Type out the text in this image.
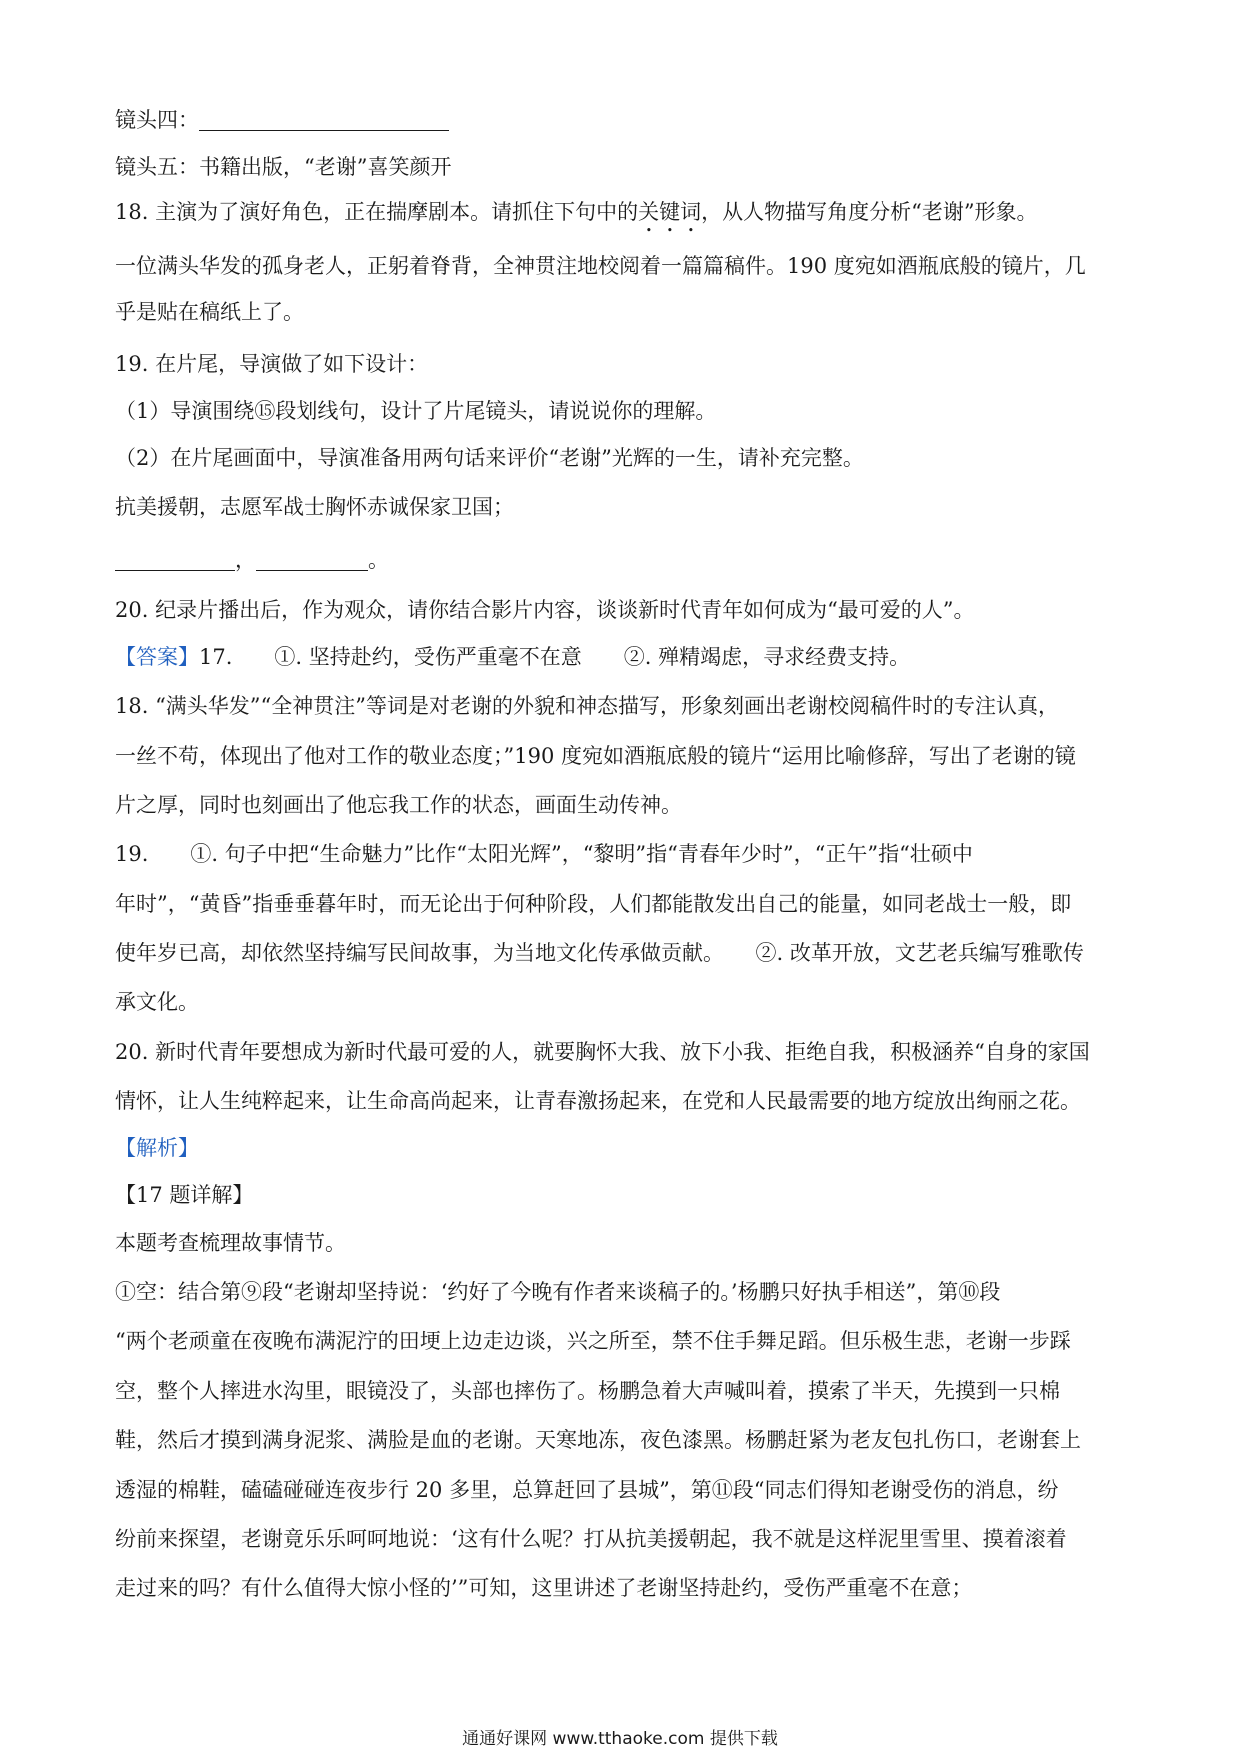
镜头四：
镜头五：书籍出版，“老谢”喜笑颜开
18. 主演为了演好角色，正在揣摩剧本。请抓住下句中的关键词，从人物描写角度分析“老谢”形象。
一位满头华发的孤身老人，正躬着脊背，全神贯注地校阅着一篇篇稿件。190 度宛如酒瓶底般的镜片，几
乎是贴在稿纸上了。
19. 在片尾，导演做了如下设计：
（1）导演围绕⑮段划线句，设计了片尾镜头，请说说你的理解。
（2）在片尾画面中，导演准备用两句话来评价“老谢”光辉的一生，请补充完整。
抗美援朝，志愿军战士胸怀赤诚保家卫国；
，	。
20. 纪录片播出后，作为观众，请你结合影片内容，谈谈新时代青年如何成为“最可爱的人”。
【答案】17.　　①. 坚持赴约，受伤严重毫不在意　　②. 殚精竭虑，寻求经费支持。
18. “满头华发”“全神贯注”等词是对老谢的外貌和神态描写，形象刻画出老谢校阅稿件时的专注认真，
一丝不苟，体现出了他对工作的敬业态度；”190 度宛如酒瓶底般的镜片“运用比喻修辞，写出了老谢的镜
片之厚，同时也刻画出了他忘我工作的状态，画面生动传神。
19.　　①. 句子中把“生命魅力”比作“太阳光辉”，“黎明”指“青春年少时”，“正午”指“壮硕中
年时”，“黄昏”指垂垂暮年时，而无论出于何种阶段，人们都能散发出自己的能量，如同老战士一般，即
使年岁已高，却依然坚持编写民间故事，为当地文化传承做贡献。　　②. 改革开放，文艺老兵编写雅歌传
承文化。
20. 新时代青年要想成为新时代最可爱的人，就要胸怀大我、放下小我、拒绝自我，积极涵养“自身的家国
情怀，让人生纯粹起来，让生命高尚起来，让青春激扬起来，在党和人民最需要的地方绽放出绚丽之花。
【解析】
【17 题详解】
本题考查梳理故事情节。
①空：结合第⑨段“老谢却坚持说：‘约好了今晚有作者来谈稿子的。’杨鹏只好执手相送”，第⑩段
“两个老顽童在夜晚布满泥泞的田埂上边走边谈，兴之所至，禁不住手舞足蹈。但乐极生悲，老谢一步踩
空，整个人摔进水沟里，眼镜没了，头部也摔伤了。杨鹏急着大声喊叫着，摸索了半天，先摸到一只棉
鞋，然后才摸到满身泥浆、满脸是血的老谢。天寒地冻，夜色漆黑。杨鹏赶紧为老友包扎伤口，老谢套上
透湿的棉鞋，磕磕碰碰连夜步行 20 多里，总算赶回了县城”，第⑪段“同志们得知老谢受伤的消息，纷
纷前来探望，老谢竟乐乐呵呵地说：‘这有什么呢？打从抗美援朝起，我不就是这样泥里雪里、摸着滚着
走过来的吗？有什么值得大惊小怪的’”可知，这里讲述了老谢坚持赴约，受伤严重毫不在意；
通通好课网 www.tthaoke.com 提供下载
